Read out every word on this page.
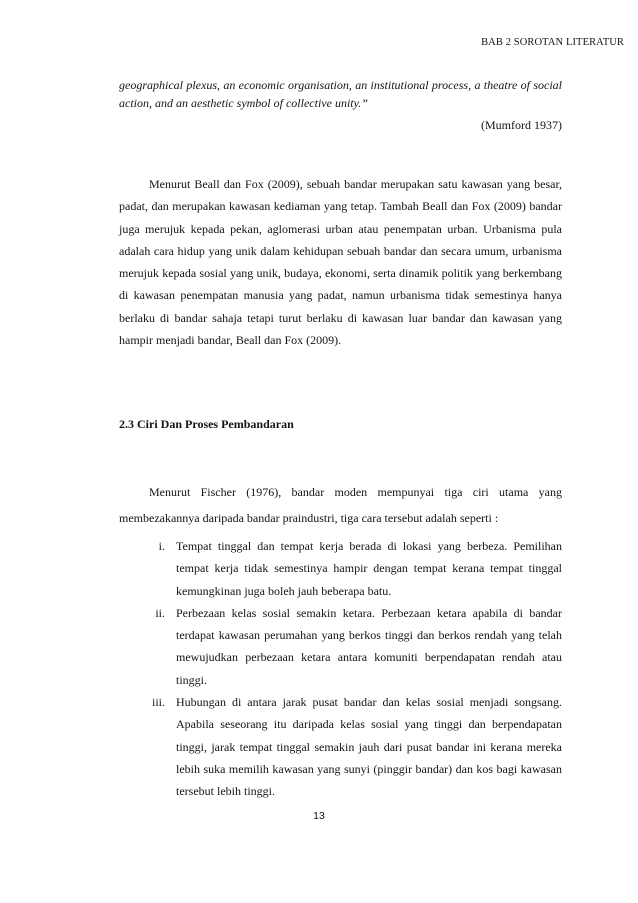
BAB 2 SOROTAN LITERATUR
geographical plexus, an economic organisation, an institutional process, a theatre of social action, and an aesthetic symbol of collective unity.”
(Mumford 1937)

Menurut Beall dan Fox (2009), sebuah bandar merupakan satu kawasan yang besar, padat, dan merupakan kawasan kediaman yang tetap. Tambah Beall dan Fox (2009) bandar juga merujuk kepada pekan, aglomerasi urban atau penempatan urban. Urbanisma pula adalah cara hidup yang unik dalam kehidupan sebuah bandar dan secara umum, urbanisma merujuk kepada sosial yang unik, budaya, ekonomi, serta dinamik politik yang berkembang di kawasan penempatan manusia yang padat, namun urbanisma tidak semestinya hanya berlaku di bandar sahaja tetapi turut berlaku di kawasan luar bandar dan kawasan yang hampir menjadi bandar, Beall dan Fox (2009).

2.3 Ciri Dan Proses Pembandaran

Menurut Fischer (1976), bandar moden mempunyai tiga ciri utama yang membezakannya daripada bandar praindustri, tiga cara tersebut adalah seperti :

i. Tempat tinggal dan tempat kerja berada di lokasi yang berbeza. Pemilihan tempat kerja tidak semestinya hampir dengan tempat kerana tempat tinggal kemungkinan juga boleh jauh beberapa batu.
ii. Perbezaan kelas sosial semakin ketara. Perbezaan ketara apabila di bandar terdapat kawasan perumahan yang berkos tinggi dan berkos rendah yang telah mewujudkan perbezaan ketara antara komuniti berpendapatan rendah atau tinggi.
iii. Hubungan di antara jarak pusat bandar dan kelas sosial menjadi songsang. Apabila seseorang itu daripada kelas sosial yang tinggi dan berpendapatan tinggi, jarak tempat tinggal semakin jauh dari pusat bandar ini kerana mereka lebih suka memilih kawasan yang sunyi (pinggir bandar) dan kos bagi kawasan tersebut lebih tinggi.
13
